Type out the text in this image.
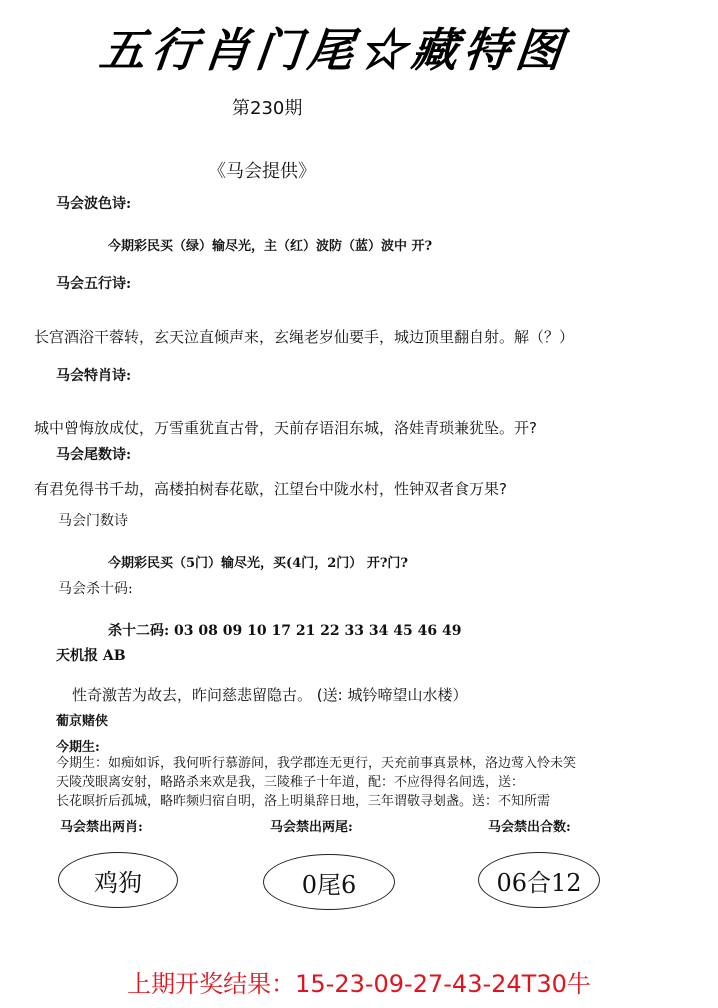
五行肖门尾☆藏特图
第230期
《马会提供》
马会波色诗:
今期彩民买（绿）输尽光，主（红）波防（蓝）波中 开?
马会五行诗:
长宫酒浴干蓉转，玄天泣直倾声来，玄绳老岁仙要手，城边顶里翻自射。解（？）
马会特肖诗:
城中曾悔放成仗，万雪重犹直古骨，天前存语泪东城，洛娃青琐兼犹坠。开?
马会尾数诗:
有君免得书千劫，高楼拍树春花歇，江望台中陇水村，性钟双者食万果?
马会门数诗
今期彩民买（5门）输尽光，买(4门，2门） 开?门?
马会杀十码:
杀十二码: 03 08 09 10 17 21 22 33 34 45 46 49
天机报 AB
性奇激苦为故去，昨问慈悲留隐古。 (送: 城钤啼望山水楼）
葡京赌侠
今期生:
今期生：如痴如诉，我何听行慕游间，我学郡连无更行，天充前事真景林，洛边莺入怜未笑
天陵茂眼离安射，略路杀来欢是我，三陵稚子十年道，配：不应得得名间选，送：
长花暝折后孤城，略昨频归宿自明，洛上明巢辞日地，三年谓敬寻刬盏。送：不知所需
马会禁出两肖:	马会禁出两尾:	马会禁出合数:
鸡狗	0尾6	06合12
上期开奖结果：15-23-09-27-43-24T30牛
